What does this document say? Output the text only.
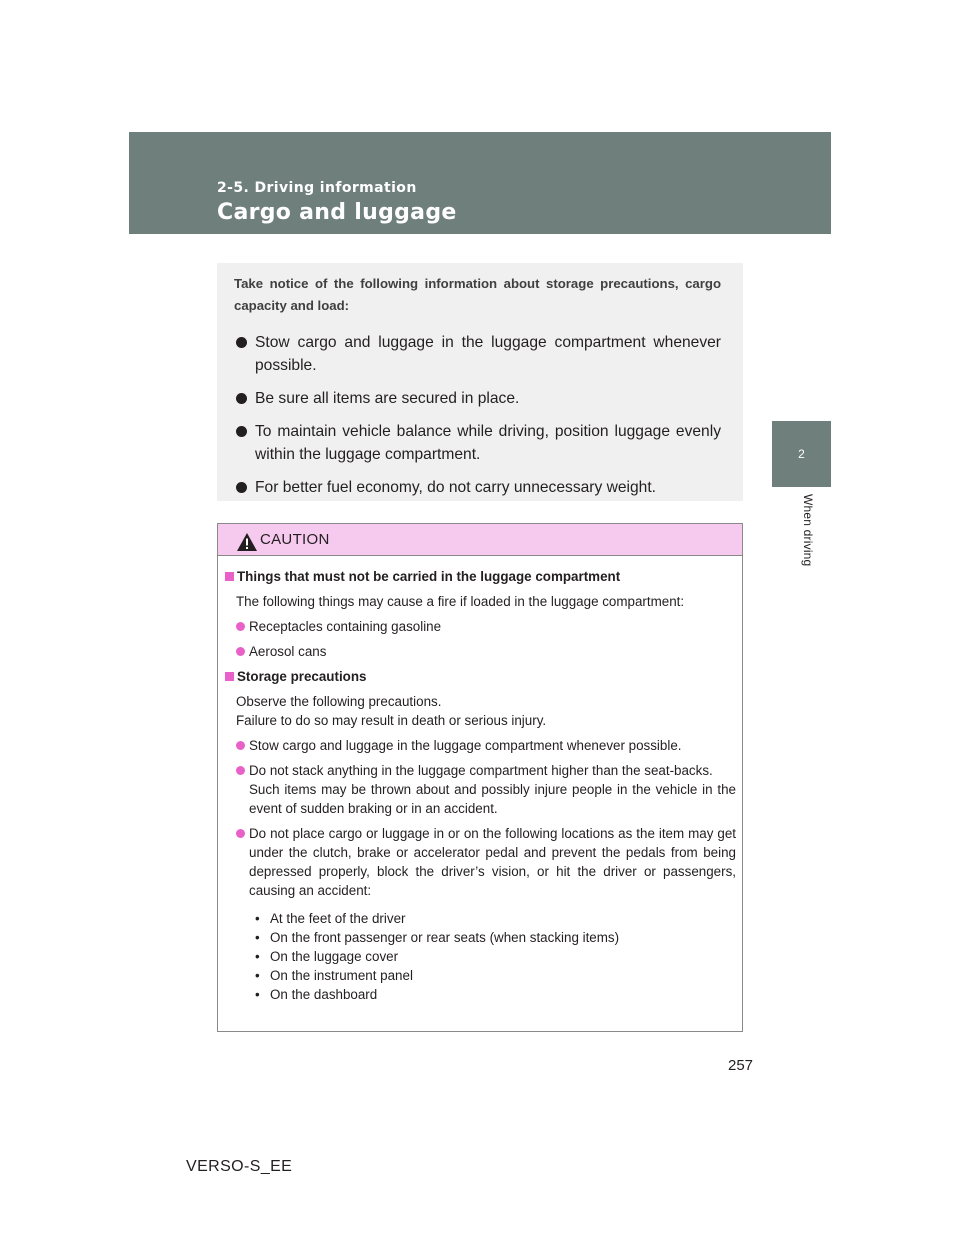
2-5. Driving information
Cargo and luggage
2
When driving

Take notice of the following information about storage precautions, cargo capacity and load:

Stow cargo and luggage in the luggage compartment whenever possible.
Be sure all items are secured in place.
To maintain vehicle balance while driving, position luggage evenly within the luggage compartment.
For better fuel economy, do not carry unnecessary weight.
CAUTION

Things that must not be carried in the luggage compartment

The following things may cause a fire if loaded in the luggage compartment:

Receptacles containing gasoline
Aerosol cans

Storage precautions

Observe the following precautions.
Failure to do so may result in death or serious injury.

Stow cargo and luggage in the luggage compartment whenever possible.
Do not stack anything in the luggage compartment higher than the seat-backs.
Such items may be thrown about and possibly injure people in the vehicle in the event of sudden braking or in an accident.
Do not place cargo or luggage in or on the following locations as the item may get under the clutch, brake or accelerator pedal and prevent the pedals from being depressed properly, block the driver’s vision, or hit the driver or passengers, causing an accident:
• At the feet of the driver
• On the front passenger or rear seats (when stacking items)
• On the luggage cover
• On the instrument panel
• On the dashboard
257
VERSO-S_EE
